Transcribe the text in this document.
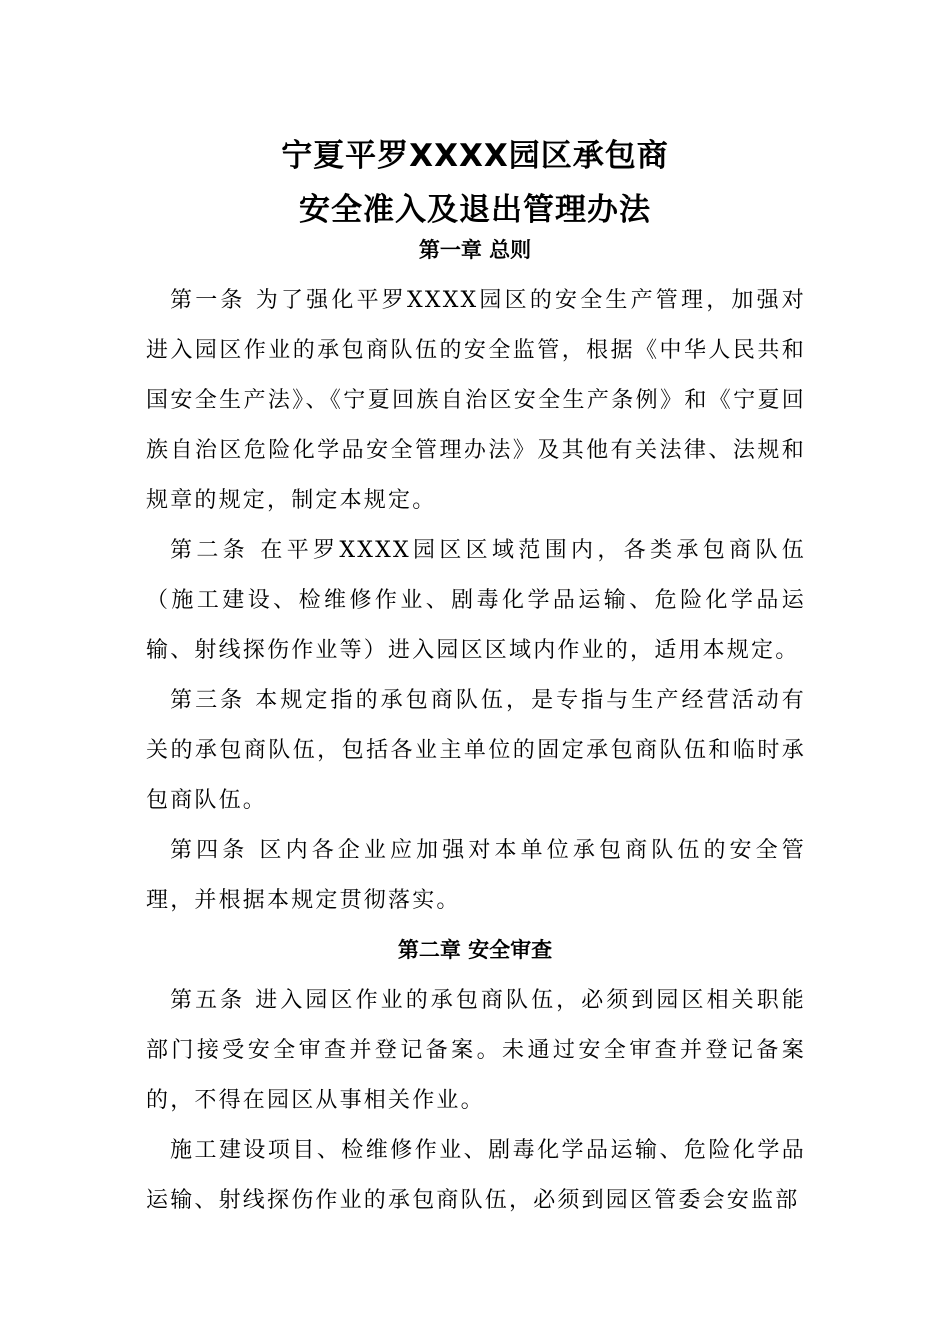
宁夏平罗XXXX园区承包商
安全准入及退出管理办法
第一章 总则
第一条 为了强化平罗XXXX园区的安全生产管理，加强对进入园区作业的承包商队伍的安全监管，根据《中华人民共和国安全生产法》、《宁夏回族自治区安全生产条例》和《宁夏回族自治区危险化学品安全管理办法》及其他有关法律、法规和规章的规定，制定本规定。
第二条 在平罗XXXX园区区域范围内，各类承包商队伍（施工建设、检维修作业、剧毒化学品运输、危险化学品运输、射线探伤作业等）进入园区区域内作业的，适用本规定。
第三条 本规定指的承包商队伍，是专指与生产经营活动有关的承包商队伍，包括各业主单位的固定承包商队伍和临时承包商队伍。
第四条 区内各企业应加强对本单位承包商队伍的安全管理，并根据本规定贯彻落实。
第二章 安全审查
第五条 进入园区作业的承包商队伍，必须到园区相关职能部门接受安全审查并登记备案。未通过安全审查并登记备案的，不得在园区从事相关作业。
施工建设项目、检维修作业、剧毒化学品运输、危险化学品运输、射线探伤作业的承包商队伍，必须到园区管委会安监部
